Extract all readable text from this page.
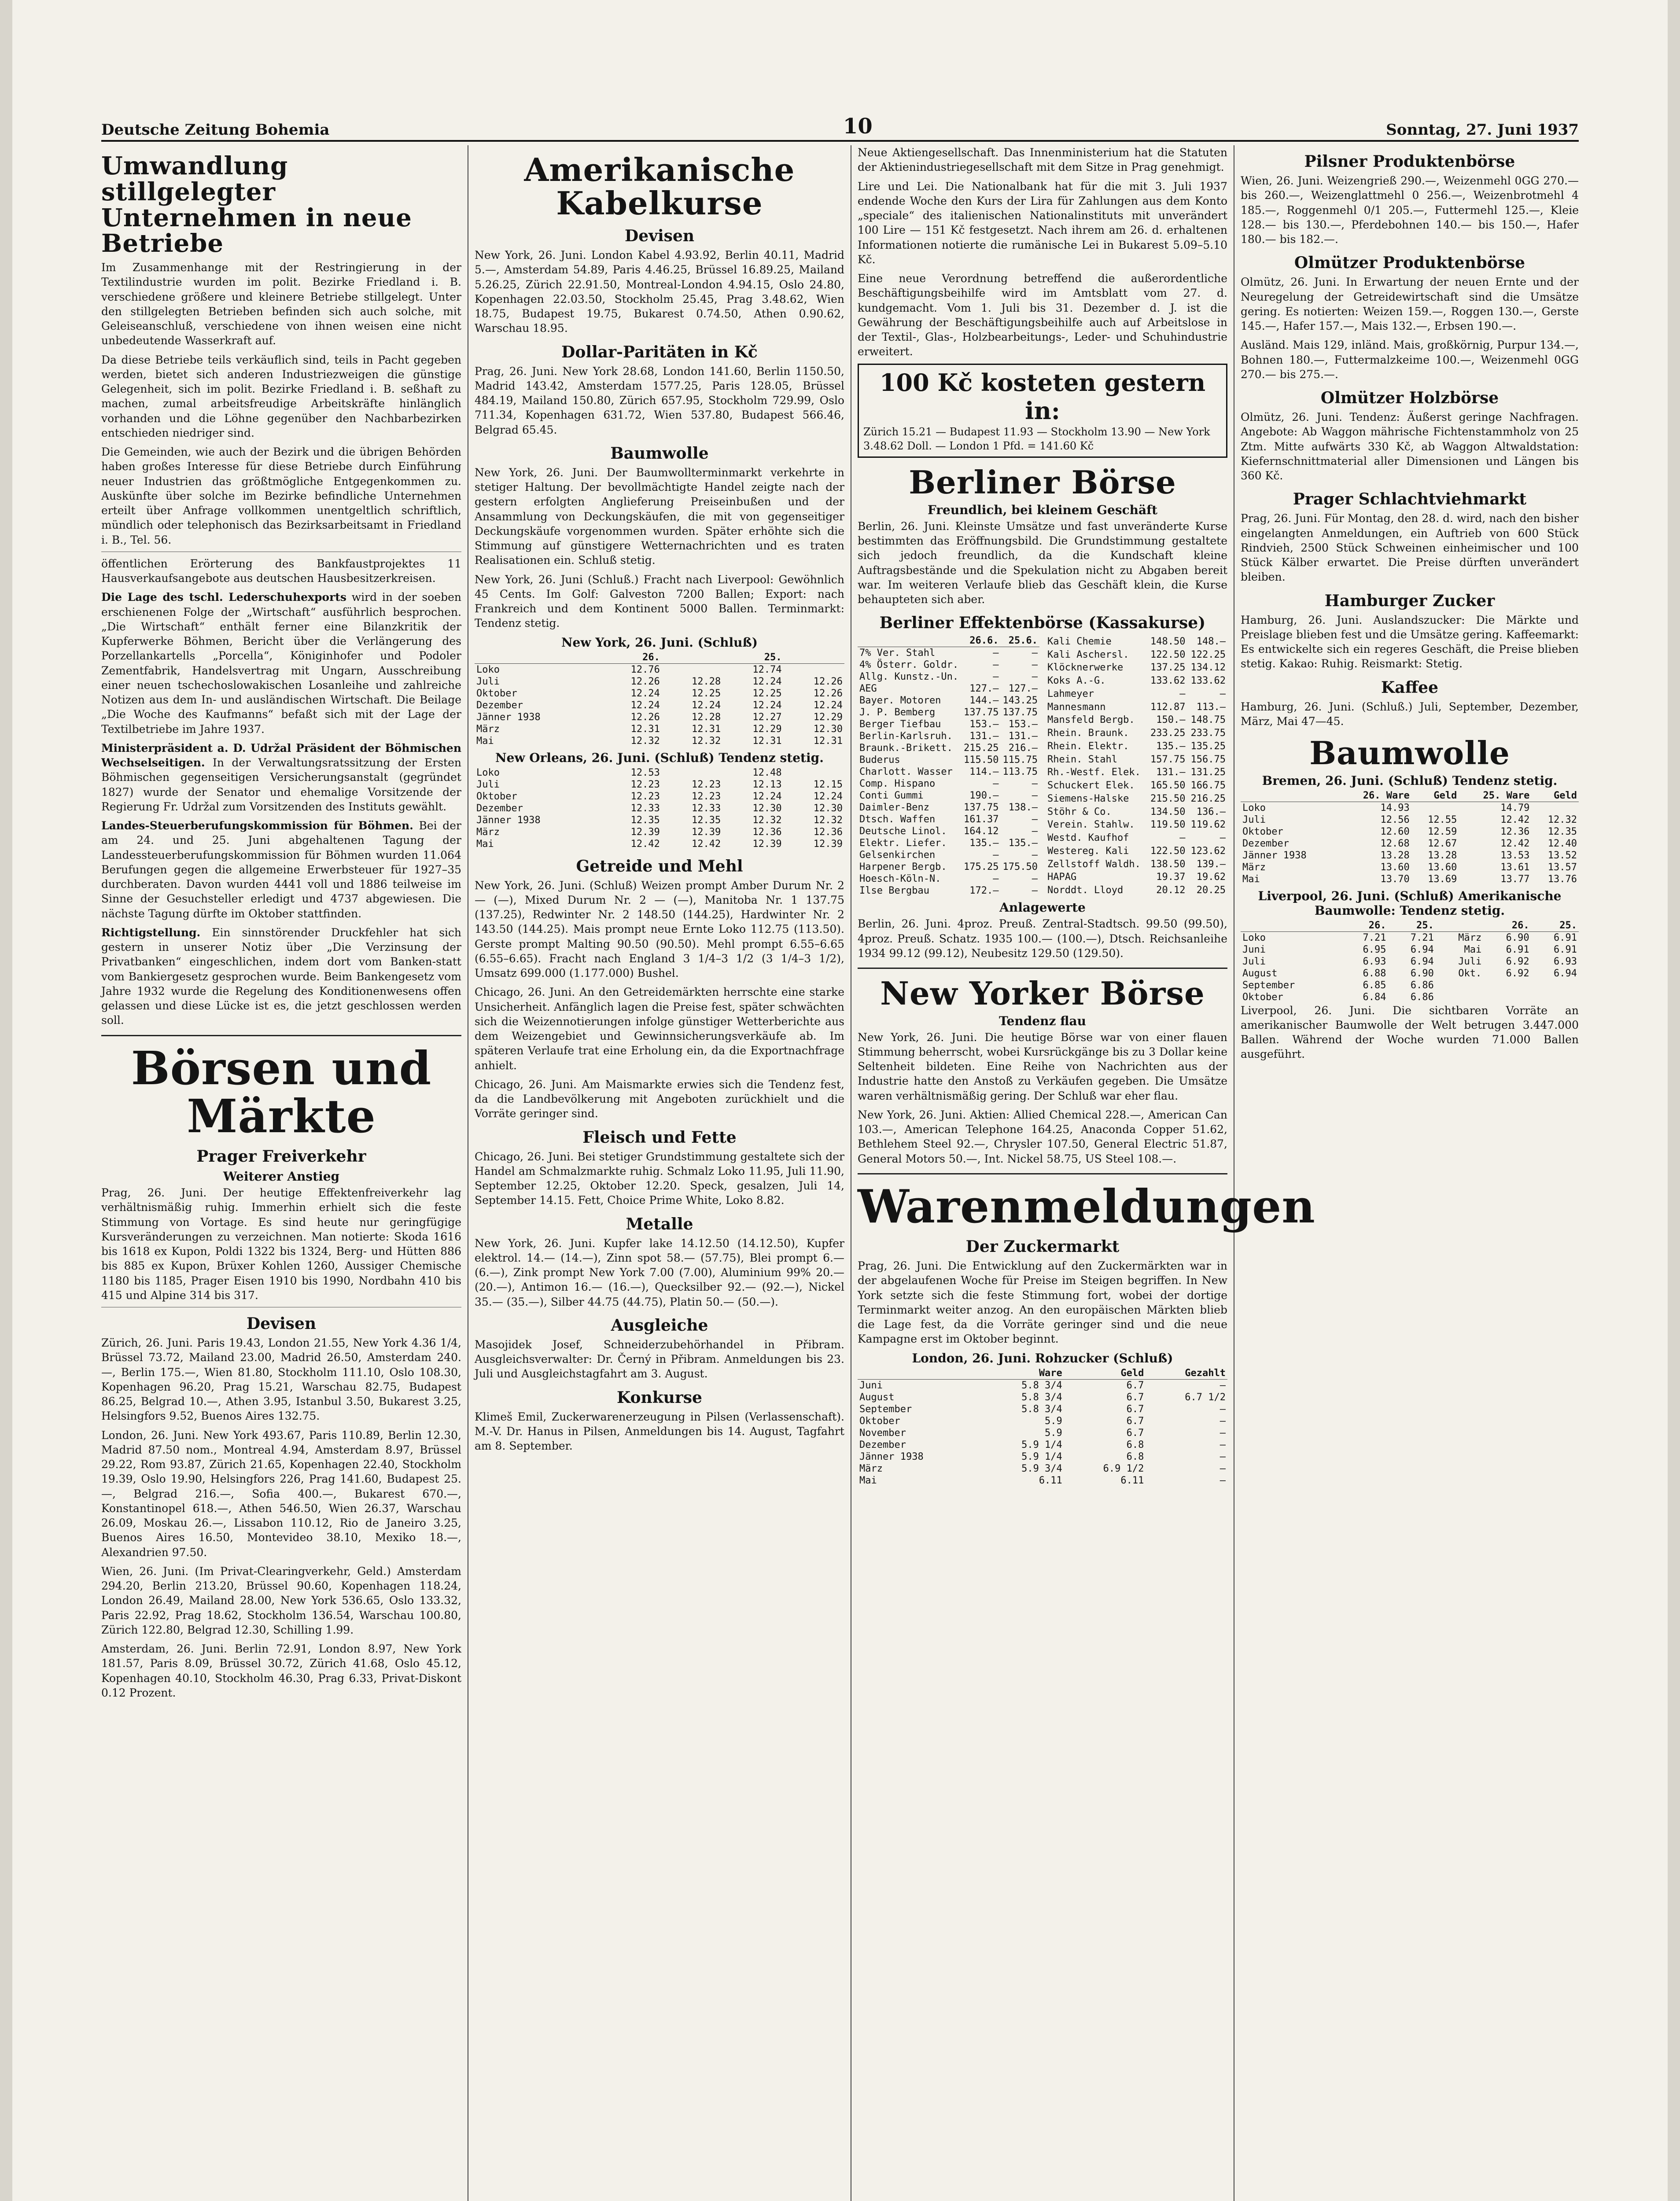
Deutsche Zeitung Bohemia	10	Sonntag, 27. Juni 1937
Umwandlung stillgelegter Unternehmen in neue Betriebe

Im Zusammenhange mit der Restringierung in der Textilindustrie wurden im polit. Bezirke Friedland i. B. verschiedene größere und kleinere Betriebe stillgelegt. Unter den stillgelegten Betrieben befinden sich auch solche, mit Geleiseanschluß, verschiedene von ihnen weisen eine nicht unbedeutende Wasserkraft auf.

Da diese Betriebe teils verkäuflich sind, teils in Pacht gegeben werden, bietet sich anderen Industriezweigen die günstige Gelegenheit, sich im polit. Bezirke Friedland i. B. seßhaft zu machen, zumal arbeitsfreudige Arbeitskräfte hinlänglich vorhanden und die Löhne gegenüber den Nachbarbezirken entschieden niedriger sind.

Die Gemeinden, wie auch der Bezirk und die übrigen Behörden haben großes Interesse für diese Betriebe durch Einführung neuer Industrien das größtmögliche Entgegenkommen zu. Auskünfte über solche im Bezirke befindliche Unternehmen erteilt über Anfrage vollkommen unentgeltlich schriftlich, mündlich oder telephonisch das Bezirksarbeitsamt in Friedland i. B., Tel. 56.

öffentlichen Erörterung des Bankfaustprojektes 11 Hausverkaufsangebote aus deutschen Hausbesitzerkreisen.

Die Lage des tschl. Lederschuhexports wird in der soeben erschienenen Folge der „Wirtschaft“ ausführlich besprochen. „Die Wirtschaft“ enthält ferner eine Bilanzkritik der Kupferwerke Böhmen, Bericht über die Verlängerung des Porzellankartells „Porcella“, Königinhofer und Podoler Zementfabrik, Handelsvertrag mit Ungarn, Ausschreibung einer neuen tschechoslowakischen Losanleihe und zahlreiche Notizen aus dem In- und ausländischen Wirtschaft. Die Beilage „Die Woche des Kaufmanns“ befaßt sich mit der Lage der Textilbetriebe im Jahre 1937.

Ministerpräsident a. D. Udržal Präsident der Böhmischen Wechselseitigen. In der Verwaltungsratssitzung der Ersten Böhmischen gegenseitigen Versicherungsanstalt (gegründet 1827) wurde der Senator und ehemalige Vorsitzende der Regierung Fr. Udržal zum Vorsitzenden des Instituts gewählt.

Landes-Steuerberufungskommission für Böhmen. Bei der am 24. und 25. Juni abgehaltenen Tagung der Landessteuerberufungskommission für Böhmen wurden 11.064 Berufungen gegen die allgemeine Erwerbsteuer für 1927–35 durchberaten. Davon wurden 4441 voll und 1886 teilweise im Sinne der Gesuchsteller erledigt und 4737 abgewiesen. Die nächste Tagung dürfte im Oktober stattfinden.

Richtigstellung. Ein sinnstörender Druckfehler hat sich gestern in unserer Notiz über „Die Verzinsung der Privatbanken“ eingeschlichen, indem dort vom Banken-statt vom Bankiergesetz gesprochen wurde. Beim Bankengesetz vom Jahre 1932 wurde die Regelung des Konditionenwesens offen gelassen und diese Lücke ist es, die jetzt geschlossen werden soll.

Börsen und Märkte
Prager Freiverkehr
Weiterer Anstieg

Prag, 26. Juni. Der heutige Effektenfreiverkehr lag verhältnismäßig ruhig. Immerhin erhielt sich die feste Stimmung von Vortage. Es sind heute nur geringfügige Kursveränderungen zu verzeichnen. Man notierte: Skoda 1616 bis 1618 ex Kupon, Poldi 1322 bis 1324, Berg- und Hütten 886 bis 885 ex Kupon, Brüxer Kohlen 1260, Aussiger Chemische 1180 bis 1185, Prager Eisen 1910 bis 1990, Nordbahn 410 bis 415 und Alpine 314 bis 317.

Devisen

Zürich, 26. Juni. Paris 19.43, London 21.55, New York 4.36 1/4, Brüssel 73.72, Mailand 23.00, Madrid 26.50, Amsterdam 240.—, Berlin 175.—, Wien 81.80, Stockholm 111.10, Oslo 108.30, Kopenhagen 96.20, Prag 15.21, Warschau 82.75, Budapest 86.25, Belgrad 10.—, Athen 3.95, Istanbul 3.50, Bukarest 3.25, Helsingfors 9.52, Buenos Aires 132.75.

London, 26. Juni. New York 493.67, Paris 110.89, Berlin 12.30, Madrid 87.50 nom., Montreal 4.94, Amsterdam 8.97, Brüssel 29.22, Rom 93.87, Zürich 21.65, Kopenhagen 22.40, Stockholm 19.39, Oslo 19.90, Helsingfors 226, Prag 141.60, Budapest 25.—, Belgrad 216.—, Sofia 400.—, Bukarest 670.—, Konstantinopel 618.—, Athen 546.50, Wien 26.37, Warschau 26.09, Moskau 26.—, Lissabon 110.12, Rio de Janeiro 3.25, Buenos Aires 16.50, Montevideo 38.10, Mexiko 18.—, Alexandrien 97.50.

Wien, 26. Juni. (Im Privat-Clearingverkehr, Geld.) Amsterdam 294.20, Berlin 213.20, Brüssel 90.60, Kopenhagen 118.24, London 26.49, Mailand 28.00, New York 536.65, Oslo 133.32, Paris 22.92, Prag 18.62, Stockholm 136.54, Warschau 100.80, Zürich 122.80, Belgrad 12.30, Schilling 1.99.

Amsterdam, 26. Juni. Berlin 72.91, London 8.97, New York 181.57, Paris 8.09, Brüssel 30.72, Zürich 41.68, Oslo 45.12, Kopenhagen 40.10, Stockholm 46.30, Prag 6.33, Privat-Diskont 0.12 Prozent.

Amerikanische Kabelkurse
Devisen

New York, 26. Juni. London Kabel 4.93.92, Berlin 40.11, Madrid 5.—, Amsterdam 54.89, Paris 4.46.25, Brüssel 16.89.25, Mailand 5.26.25, Zürich 22.91.50, Montreal-London 4.94.15, Oslo 24.80, Kopenhagen 22.03.50, Stockholm 25.45, Prag 3.48.62, Wien 18.75, Budapest 19.75, Bukarest 0.74.50, Athen 0.90.62, Warschau 18.95.

Dollar-Paritäten in Kč

Prag, 26. Juni. New York 28.68, London 141.60, Berlin 1150.50, Madrid 143.42, Amsterdam 1577.25, Paris 128.05, Brüssel 484.19, Mailand 150.80, Zürich 657.95, Stockholm 729.99, Oslo 711.34, Kopenhagen 631.72, Wien 537.80, Budapest 566.46, Belgrad 65.45.

Baumwolle

New York, 26. Juni. Der Baumwollterminmarkt verkehrte in stetiger Haltung. Der bevollmächtigte Handel zeigte nach der gestern erfolgten Anglieferung Preiseinbußen und der Ansammlung von Deckungskäufen, die mit von gegenseitiger Deckungskäufe vorgenommen wurden. Später erhöhte sich die Stimmung auf günstigere Wetternachrichten und es traten Realisationen ein. Schluß stetig.

New York, 26. Juni (Schluß.) Fracht nach Liverpool: Gewöhnlich 45 Cents. Im Golf: Galveston 7200 Ballen; Export: nach Frankreich und dem Kontinent 5000 Ballen. Terminmarkt: Tendenz stetig.

New York, 26. Juni. (Schluß)
	26.		25.	
Loko	12.76		12.74	
Juli	12.26	12.28	12.24	12.26
Oktober	12.24	12.25	12.25	12.26
Dezember	12.24	12.24	12.24	12.24
Jänner 1938	12.26	12.28	12.27	12.29
März	12.31	12.31	12.29	12.30
Mai	12.32	12.32	12.31	12.31
New Orleans, 26. Juni. (Schluß) Tendenz stetig.
Loko	12.53		12.48	
Juli	12.23	12.23	12.13	12.15
Oktober	12.23	12.23	12.24	12.24
Dezember	12.33	12.33	12.30	12.30
Jänner 1938	12.35	12.35	12.32	12.32
März	12.39	12.39	12.36	12.36
Mai	12.42	12.42	12.39	12.39
Getreide und Mehl

New York, 26. Juni. (Schluß) Weizen prompt Amber Durum Nr. 2 — (—), Mixed Durum Nr. 2 — (—), Manitoba Nr. 1 137.75 (137.25), Redwinter Nr. 2 148.50 (144.25), Hardwinter Nr. 2 143.50 (144.25). Mais prompt neue Ernte Loko 112.75 (113.50). Gerste prompt Malting 90.50 (90.50). Mehl prompt 6.55–6.65 (6.55–6.65). Fracht nach England 3 1/4–3 1/2 (3 1/4–3 1/2), Umsatz 699.000 (1.177.000) Bushel.

Chicago, 26. Juni. An den Getreidemärkten herrschte eine starke Unsicherheit. Anfänglich lagen die Preise fest, später schwächten sich die Weizennotierungen infolge günstiger Wetterberichte aus dem Weizengebiet und Gewinnsicherungsverkäufe ab. Im späteren Verlaufe trat eine Erholung ein, da die Exportnachfrage anhielt.

Chicago, 26. Juni. Am Maismarkte erwies sich die Tendenz fest, da die Landbevölkerung mit Angeboten zurückhielt und die Vorräte geringer sind.

Fleisch und Fette

Chicago, 26. Juni. Bei stetiger Grundstimmung gestaltete sich der Handel am Schmalzmarkte ruhig. Schmalz Loko 11.95, Juli 11.90, September 12.25, Oktober 12.20. Speck, gesalzen, Juli 14, September 14.15. Fett, Choice Prime White, Loko 8.82.

Metalle

New York, 26. Juni. Kupfer lake 14.12.50 (14.12.50), Kupfer elektrol. 14.— (14.—), Zinn spot 58.— (57.75), Blei prompt 6.— (6.—), Zink prompt New York 7.00 (7.00), Aluminium 99% 20.— (20.—), Antimon 16.— (16.—), Quecksilber 92.— (92.—), Nickel 35.— (35.—), Silber 44.75 (44.75), Platin 50.— (50.—).

Ausgleiche

Masojidek Josef, Schneiderzubehörhandel in Přibram. Ausgleichsverwalter: Dr. Černý in Přibram. Anmeldungen bis 23. Juli und Ausgleichstagfahrt am 3. August.

Konkurse

Klimeš Emil, Zuckerwarenerzeugung in Pilsen (Verlassenschaft). M.-V. Dr. Hanus in Pilsen, Anmeldungen bis 14. August, Tagfahrt am 8. September.

Neue Aktiengesellschaft. Das Innenministerium hat die Statuten der Aktienindustriegesellschaft mit dem Sitze in Prag genehmigt.

Lire und Lei. Die Nationalbank hat für die mit 3. Juli 1937 endende Woche den Kurs der Lira für Zahlungen aus dem Konto „speciale“ des italienischen Nationalinstituts mit unverändert 100 Lire — 151 Kč festgesetzt. Nach ihrem am 26. d. erhaltenen Informationen notierte die rumänische Lei in Bukarest 5.09–5.10 Kč.

Eine neue Verordnung betreffend die außerordentliche Beschäftigungsbeihilfe wird im Amtsblatt vom 27. d. kundgemacht. Vom 1. Juli bis 31. Dezember d. J. ist die Gewährung der Beschäftigungsbeihilfe auch auf Arbeitslose in der Textil-, Glas-, Holzbearbeitungs-, Leder- und Schuhindustrie erweitert.

100 Kč kosteten gestern in:
Zürich 15.21 — Budapest 11.93 — Stockholm 13.90 — New York 3.48.62 Doll. — London 1 Pfd. = 141.60 Kč
Berliner Börse
Freundlich, bei kleinem Geschäft

Berlin, 26. Juni. Kleinste Umsätze und fast unveränderte Kurse bestimmten das Eröffnungsbild. Die Grundstimmung gestaltete sich jedoch freundlich, da die Kundschaft kleine Auftragsbestände und die Spekulation nicht zu Abgaben bereit war. Im weiteren Verlaufe blieb das Geschäft klein, die Kurse behaupteten sich aber.

Berliner Effektenbörse (Kassakurse)
	26.6.	25.6.
7% Ver. Stahl	—	—
4% Österr. Goldr.	—	—
Allg. Kunstz.-Un.	—	—
AEG	127.—	127.—
Bayer. Motoren	144.—	143.25
J. P. Bemberg	137.75	137.75
Berger Tiefbau	153.—	153.—
Berlin-Karlsruh.	131.—	131.—
Braunk.-Brikett.	215.25	216.—
Buderus	115.50	115.75
Charlott. Wasser	114.—	113.75
Comp. Hispano	—	—
Conti Gummi	190.—	—
Daimler-Benz	137.75	138.—
Dtsch. Waffen	161.37	—
Deutsche Linol.	164.12	—
Elektr. Liefer.	135.—	135.—
Gelsenkirchen	—	—
Harpener Bergb.	175.25	175.50
Hoesch-Köln-N.	—	—
Ilse Bergbau	172.—	—
Kali Chemie	148.50	148.—
Kali Aschersl.	122.50	122.25
Klöcknerwerke	137.25	134.12
Koks A.-G.	133.62	133.62
Lahmeyer	—	—
Mannesmann	112.87	113.—
Mansfeld Bergb.	150.—	148.75
Rhein. Braunk.	233.25	233.75
Rhein. Elektr.	135.—	135.25
Rhein. Stahl	157.75	156.75
Rh.-Westf. Elek.	131.—	131.25
Schuckert Elek.	165.50	166.75
Siemens-Halske	215.50	216.25
Stöhr & Co.	134.50	136.—
Verein. Stahlw.	119.50	119.62
Westd. Kaufhof	—	—
Westereg. Kali	122.50	123.62
Zellstoff Waldh.	138.50	139.—
HAPAG	19.37	19.62
Norddt. Lloyd	20.12	20.25
Anlagewerte

Berlin, 26. Juni. 4proz. Preuß. Zentral-Stadtsch. 99.50 (99.50), 4proz. Preuß. Schatz. 1935 100.— (100.—), Dtsch. Reichsanleihe 1934 99.12 (99.12), Neubesitz 129.50 (129.50).

New Yorker Börse
Tendenz flau

New York, 26. Juni. Die heutige Börse war von einer flauen Stimmung beherrscht, wobei Kursrückgänge bis zu 3 Dollar keine Seltenheit bildeten. Eine Reihe von Nachrichten aus der Industrie hatte den Anstoß zu Verkäufen gegeben. Die Umsätze waren verhältnismäßig gering. Der Schluß war eher flau.

New York, 26. Juni. Aktien: Allied Chemical 228.—, American Can 103.—, American Telephone 164.25, Anaconda Copper 51.62, Bethlehem Steel 92.—, Chrysler 107.50, General Electric 51.87, General Motors 50.—, Int. Nickel 58.75, US Steel 108.—.

Warenmeldungen
Der Zuckermarkt

Prag, 26. Juni. Die Entwicklung auf den Zuckermärkten war in der abgelaufenen Woche für Preise im Steigen begriffen. In New York setzte sich die feste Stimmung fort, wobei der dortige Terminmarkt weiter anzog. An den europäischen Märkten blieb die Lage fest, da die Vorräte geringer sind und die neue Kampagne erst im Oktober beginnt.

London, 26. Juni. Rohzucker (Schluß)
	Ware	Geld	Gezahlt
Juni	5.8 3/4	6.7	—
August	5.8 3/4	6.7	6.7 1/2
September	5.8 3/4	6.7	—
Oktober	5.9	6.7	—
November	5.9	6.7	—
Dezember	5.9 1/4	6.8	—
Jänner 1938	5.9 1/4	6.8	—
März	5.9 3/4	6.9 1/2	—
Mai	6.11	6.11	—
Pilsner Produktenbörse

Wien, 26. Juni. Weizengrieß 290.—, Weizenmehl 0GG 270.— bis 260.—, Weizenglattmehl 0 256.—, Weizenbrotmehl 4 185.—, Roggenmehl 0/1 205.—, Futtermehl 125.—, Kleie 128.— bis 130.—, Pferdebohnen 140.— bis 150.—, Hafer 180.— bis 182.—.

Olmützer Produktenbörse

Olmütz, 26. Juni. In Erwartung der neuen Ernte und der Neuregelung der Getreidewirtschaft sind die Umsätze gering. Es notierten: Weizen 159.—, Roggen 130.—, Gerste 145.—, Hafer 157.—, Mais 132.—, Erbsen 190.—.

Ausländ. Mais 129, inländ. Mais, großkörnig, Purpur 134.—, Bohnen 180.—, Futtermalzkeime 100.—, Weizenmehl 0GG 270.— bis 275.—.

Olmützer Holzbörse

Olmütz, 26. Juni. Tendenz: Äußerst geringe Nachfragen. Angebote: Ab Waggon mährische Fichtenstammholz von 25 Ztm. Mitte aufwärts 330 Kč, ab Waggon Altwaldstation: Kiefernschnittmaterial aller Dimensionen und Längen bis 360 Kč.

Prager Schlachtviehmarkt

Prag, 26. Juni. Für Montag, den 28. d. wird, nach den bisher eingelangten Anmeldungen, ein Auftrieb von 600 Stück Rindvieh, 2500 Stück Schweinen einheimischer und 100 Stück Kälber erwartet. Die Preise dürften unverändert bleiben.

Hamburger Zucker

Hamburg, 26. Juni. Auslandszucker: Die Märkte und Preislage blieben fest und die Umsätze gering. Kaffeemarkt: Es entwickelte sich ein regeres Geschäft, die Preise blieben stetig. Kakao: Ruhig. Reismarkt: Stetig.

Kaffee

Hamburg, 26. Juni. (Schluß.) Juli, September, Dezember, März, Mai 47—45.

Baumwolle
Bremen, 26. Juni. (Schluß) Tendenz stetig.
	26. Ware	Geld	25. Ware	Geld
Loko	14.93		14.79	
Juli	12.56	12.55	12.42	12.32
Oktober	12.60	12.59	12.36	12.35
Dezember	12.68	12.67	12.42	12.40
Jänner 1938	13.28	13.28	13.53	13.52
März	13.60	13.60	13.61	13.57
Mai	13.70	13.69	13.77	13.76
Liverpool, 26. Juni. (Schluß) Amerikanische Baumwolle: Tendenz stetig.
	26.	25.		26.	25.
Loko	7.21	7.21	März	6.90	6.91
Juni	6.95	6.94	Mai	6.91	6.91
Juli	6.93	6.94	Juli	6.92	6.93
August	6.88	6.90	Okt.	6.92	6.94
September	6.85	6.86			
Oktober	6.84	6.86			

Liverpool, 26. Juni. Die sichtbaren Vorräte an amerikanischer Baumwolle der Welt betrugen 3.447.000 Ballen. Während der Woche wurden 71.000 Ballen ausgeführt.
